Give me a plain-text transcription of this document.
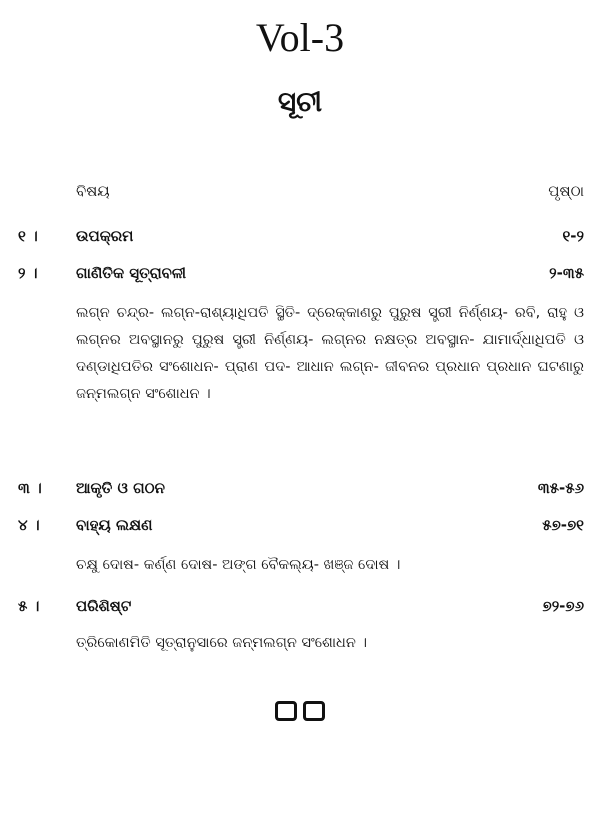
Vol-3
ସୂଚୀ
ବିଷୟ	ପୃଷ୍ଠା
୧ ।	ଉପକ୍ରମ	୧-୨
୨ ।	ଗାଣିତିକ ସୂତ୍ରାବଳୀ	୨-୩୫
ଲଗ୍ନ ଚନ୍ଦ୍ର- ଲଗ୍ନ-ରାଶ୍ୟାଧିପତି ସ୍ଥିତି- ଦ୍ରେକ୍କାଣରୁ ପୁରୁଷ ସ୍ତ୍ରୀ ନିର୍ଣ୍ଣୟ- ରବି, ରାହୁ ଓ ଲଗ୍ନର ଅବସ୍ଥାନରୁ ପୁରୁଷ ସ୍ତ୍ରୀ ନିର୍ଣ୍ଣୟ- ଲଗ୍ନର ନକ୍ଷତ୍ର ଅବସ୍ଥାନ- ଯାମାର୍ଦ୍ଧାଧିପତି ଓ ଦଣ୍ଡାଧିପତିର ସଂଶୋଧନ- ପ୍ରାଣ ପଦ- ଆଧାନ ଲଗ୍ନ- ଜୀବନର ପ୍ରଧାନ ପ୍ରଧାନ ଘଟଣାରୁ ଜନ୍ମଲଗ୍ନ ସଂଶୋଧନ ।
୩ । ଆକୃତି ଓ ଗଠନ	୩୫-୫୬
୪ । ବାହ୍ୟ ଲକ୍ଷଣ	୫୭-୭୧
ଚକ୍ଷୁ ଦୋଷ- କର୍ଣ୍ଣ ଦୋଷ- ଅଙ୍ଗ ବୈକଲ୍ୟ- ଖଞ୍ଜ ଦୋଷ ।
୫ । ପରିଶିଷ୍ଟ	୭୨-୭୬
ତ୍ରିକୋଣମିତି ସୂତ୍ରାନୁସାରେ ଜନ୍ମଲଗ୍ନ ସଂଶୋଧନ ।
